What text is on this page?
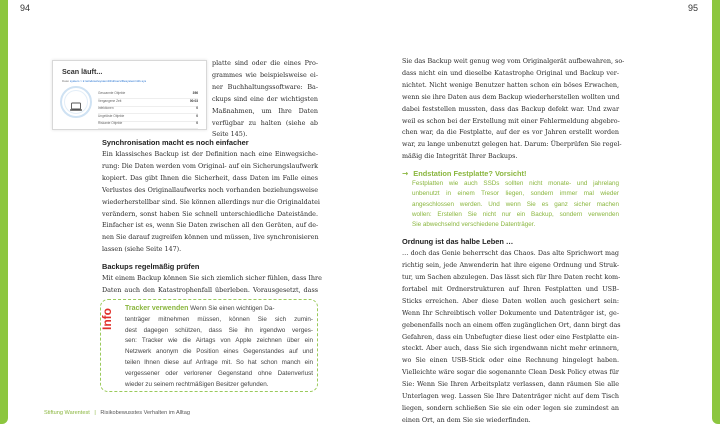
94	95
Scan läuft...
Datei system > k:\windows\system32\drivers\filesystem\ntfs.sys
Gescannte Objekte	396
Vergangene Zeit	00:03
Infektionen	0
Ungelöste Objekte	0
Riskante Objekte	0
platte sind oder die eines Pro-
grammes wie beispielsweise ei-
ner Buchhaltungssoftware: Ba-
ckups sind eine der wichtigsten
Maßnahmen, um Ihre Daten
verfügbar zu halten (siehe ab
Seite 145).

Synchronisation macht es noch einfacher

Ein klassisches Backup ist der Definition nach eine Einwegsiche-
rung: Die Daten werden vom Original- auf ein Sicherungslaufwerk
kopiert. Das gibt Ihnen die Sicherheit, dass Daten im Falle eines
Verlustes des Originallaufwerks noch vorhanden beziehungsweise
wiederherstellbar sind. Sie können allerdings nur die Originaldatei
verändern, sonst haben Sie schnell unterschiedliche Dateistände.
Einfacher ist es, wenn Sie Daten zwischen all den Geräten, auf de-
nen Sie darauf zugreifen können und müssen, live synchronisieren
lassen (siehe Seite 147).

Backups regelmäßig prüfen

Mit einem Backup können Sie sich ziemlich sicher fühlen, dass Ihre
Daten auch den Katastrophenfall überleben. Vorausgesetzt, dass
Info Tracker verwenden Wenn Sie einen wichtigen Da-
tenträger mitnehmen müssen, können Sie sich zumin-
dest dagegen schützen, dass Sie ihn irgendwo verges-
sen: Tracker wie die Airtags von Apple zeichnen über ein
Netzwerk anonym die Position eines Gegenstandes auf und
teilen Ihnen diese auf Anfrage mit. So hat schon manch ein
vergessener oder verlorener Gegenstand ohne Datenverlust
wieder zu seinem rechtmäßigen Besitzer gefunden.
Stiftung Warentest | Risikobewusstes Verhalten im Alltag
Sie das Backup weit genug weg vom Originalgerät aufbewahren, so-
dass nicht ein und dieselbe Katastrophe Original und Backup ver-
nichtet. Nicht wenige Benutzer hatten schon ein böses Erwachen,
wenn sie ihre Daten aus dem Backup wiederherstellen wollten und
dabei feststellen mussten, dass das Backup defekt war. Und zwar
weil es schon bei der Erstellung mit einer Fehlermeldung abgebro-
chen war, da die Festplatte, auf der es vor Jahren erstellt worden
war, zu lange unbenutzt gelegen hat. Darum: Überprüfen Sie regel-
mäßig die Integrität Ihrer Backups.
→ Endstation Festplatte? Vorsicht!
Festplatten wie auch SSDs sollten nicht monate- und jahrelang
unbenutzt in einem Tresor liegen, sondern immer mal wieder
angeschlossen werden. Und wenn Sie es ganz sicher machen
wollen: Erstellen Sie nicht nur ein Backup, sondern verwenden
Sie abwechselnd verschiedene Datenträger.

Ordnung ist das halbe Leben …

… doch das Genie beherrscht das Chaos. Das alte Sprichwort mag
richtig sein, jede Anwenderin hat ihre eigene Ordnung und Struk-
tur, um Sachen abzulegen. Das lässt sich für Ihre Daten recht kom-
fortabel mit Ordnerstrukturen auf Ihren Festplatten und USB-
Sticks erreichen. Aber diese Daten wollen auch gesichert sein:
Wenn Ihr Schreibtisch voller Dokumente und Datenträger ist, ge-
gebenenfalls noch an einem offen zugänglichen Ort, dann birgt das
Gefahren, dass ein Unbefugter diese liest oder eine Festplatte ein-
steckt. Aber auch, dass Sie sich irgendwann nicht mehr erinnern,
wo Sie einen USB-Stick oder eine Rechnung hingelegt haben.
Vielleichte wäre sogar die sogenannte Clean Desk Policy etwas für
Sie: Wenn Sie Ihren Arbeitsplatz verlassen, dann räumen Sie alle
Unterlagen weg. Lassen Sie Ihre Datenträger nicht auf dem Tisch
liegen, sondern schließen Sie sie ein oder legen sie zumindest an
einen Ort, an dem Sie sie wiederfinden.
